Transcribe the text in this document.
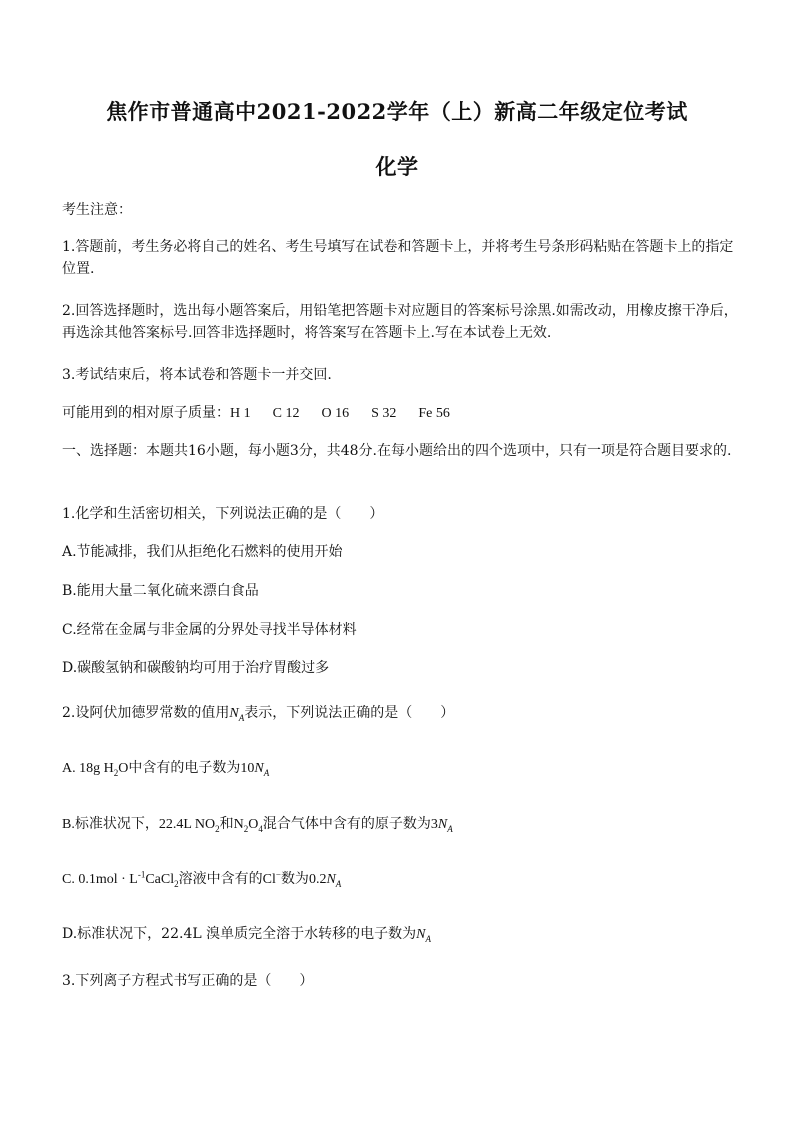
焦作市普通高中2021-2022学年（上）新高二年级定位考试
化学
考生注意：
1.答题前，考生务必将自己的姓名、考生号填写在试卷和答题卡上，并将考生号条形码粘贴在答题卡上的指定位置.
2.回答选择题时，选出每小题答案后，用铅笔把答题卡对应题目的答案标号涂黑.如需改动，用橡皮擦干净后，再选涂其他答案标号.回答非选择题时，将答案写在答题卡上.写在本试卷上无效.
3.考试结束后，将本试卷和答题卡一并交回.
可能用到的相对原子质量：H 1 C 12 O 16 S 32 Fe 56
一、选择题：本题共16小题，每小题3分，共48分.在每小题给出的四个选项中，只有一项是符合题目要求的.
1.化学和生活密切相关，下列说法正确的是（　　）
A.节能减排，我们从拒绝化石燃料的使用开始
B.能用大量二氧化硫来漂白食品
C.经常在金属与非金属的分界处寻找半导体材料
D.碳酸氢钠和碳酸钠均可用于治疗胃酸过多
2.设阿伏加德罗常数的值用$N_A$表示，下列说法正确的是（　　）
A. 18g $H_2O$中含有的电子数为$10N_A$
B.标准状况下，22.4L $NO_2$和$N_2O_4$混合气体中含有的原子数为$3N_A$
C. $0.1mol \cdot L^{-1}CaCl_2$溶液中含有的Cl−数为$0.2N_A$
D.标准状况下，22.4L 溴单质完全溶于水转移的电子数为$N_A$
3.下列离子方程式书写正确的是（　　）
